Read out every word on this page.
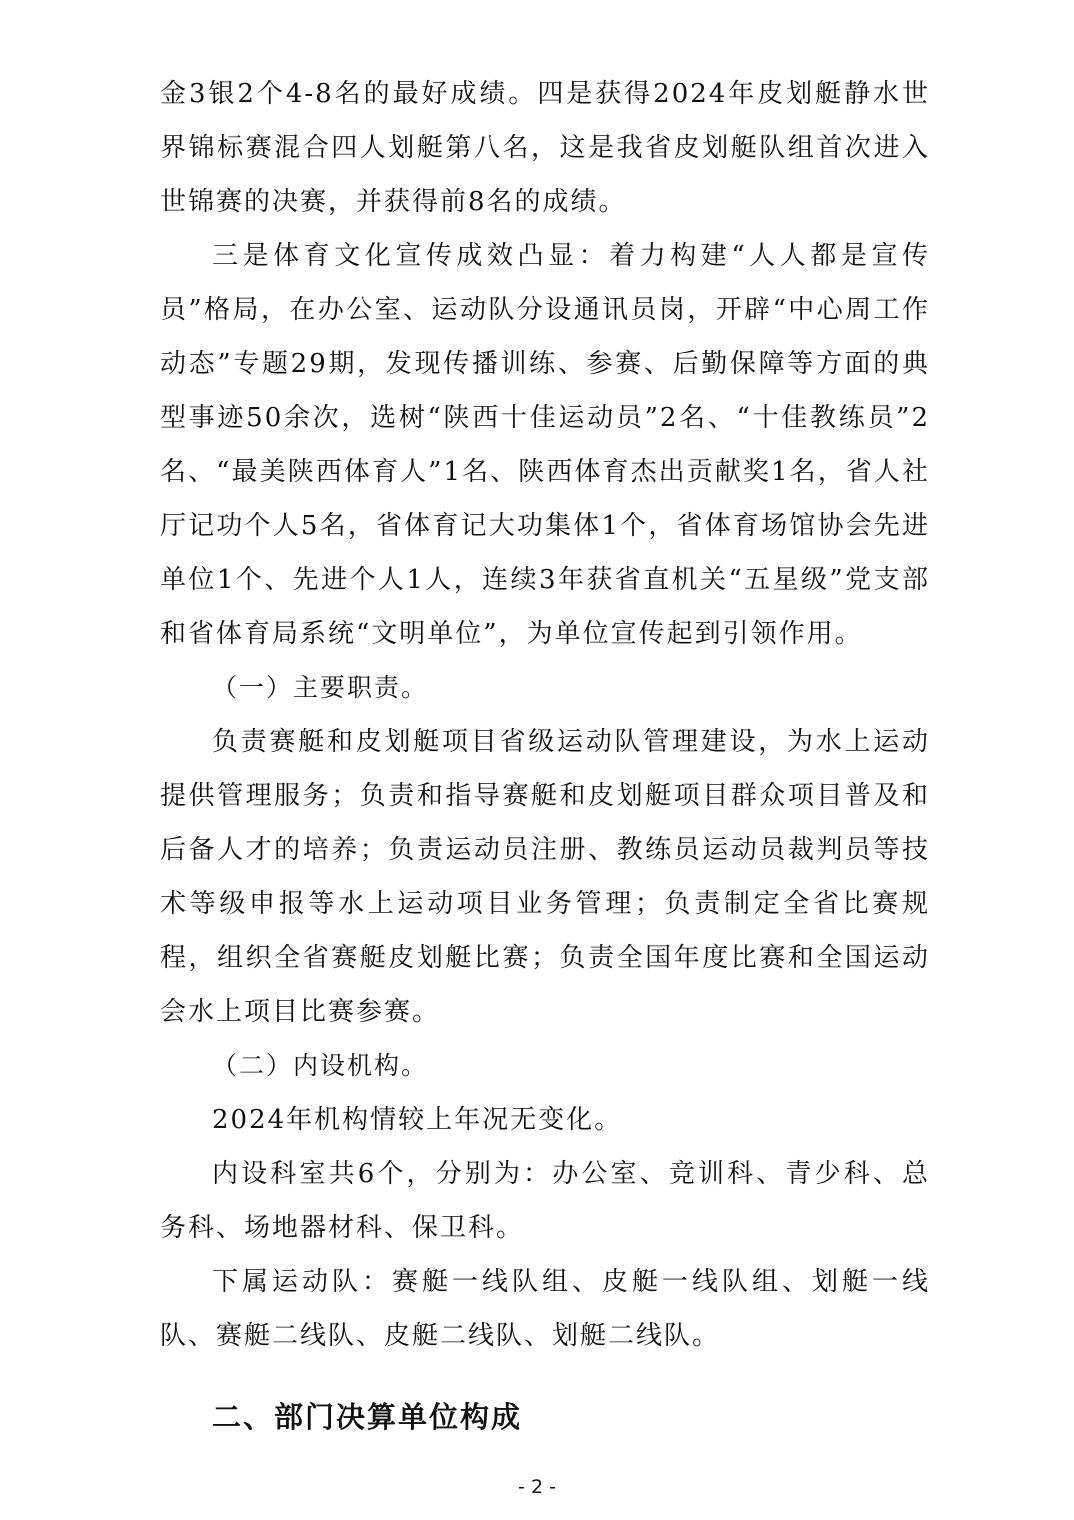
金3银2个4-8名的最好成绩。四是获得2024年皮划艇静水世界锦标赛混合四人划艇第八名，这是我省皮划艇队组首次进入世锦赛的决赛，并获得前8名的成绩。

三是体育文化宣传成效凸显：着力构建“人人都是宣传员”格局，在办公室、运动队分设通讯员岗，开辟“中心周工作动态”专题29期，发现传播训练、参赛、后勤保障等方面的典型事迹50余次，选树“陕西十佳运动员”2名、“十佳教练员”2名、“最美陕西体育人”1名、陕西体育杰出贡献奖1名，省人社厅记功个人5名，省体育记大功集体1个，省体育场馆协会先进单位1个、先进个人1人，连续3年获省直机关“五星级”党支部和省体育局系统“文明单位”，为单位宣传起到引领作用。

（一）主要职责。

负责赛艇和皮划艇项目省级运动队管理建设，为水上运动提供管理服务；负责和指导赛艇和皮划艇项目群众项目普及和后备人才的培养；负责运动员注册、教练员运动员裁判员等技术等级申报等水上运动项目业务管理；负责制定全省比赛规程，组织全省赛艇皮划艇比赛；负责全国年度比赛和全国运动会水上项目比赛参赛。

（二）内设机构。

2024年机构情较上年况无变化。

内设科室共6个，分别为：办公室、竞训科、青少科、总务科、场地器材科、保卫科。

下属运动队：赛艇一线队组、皮艇一线队组、划艇一线队、赛艇二线队、皮艇二线队、划艇二线队。

二、部门决算单位构成

- 2 -
